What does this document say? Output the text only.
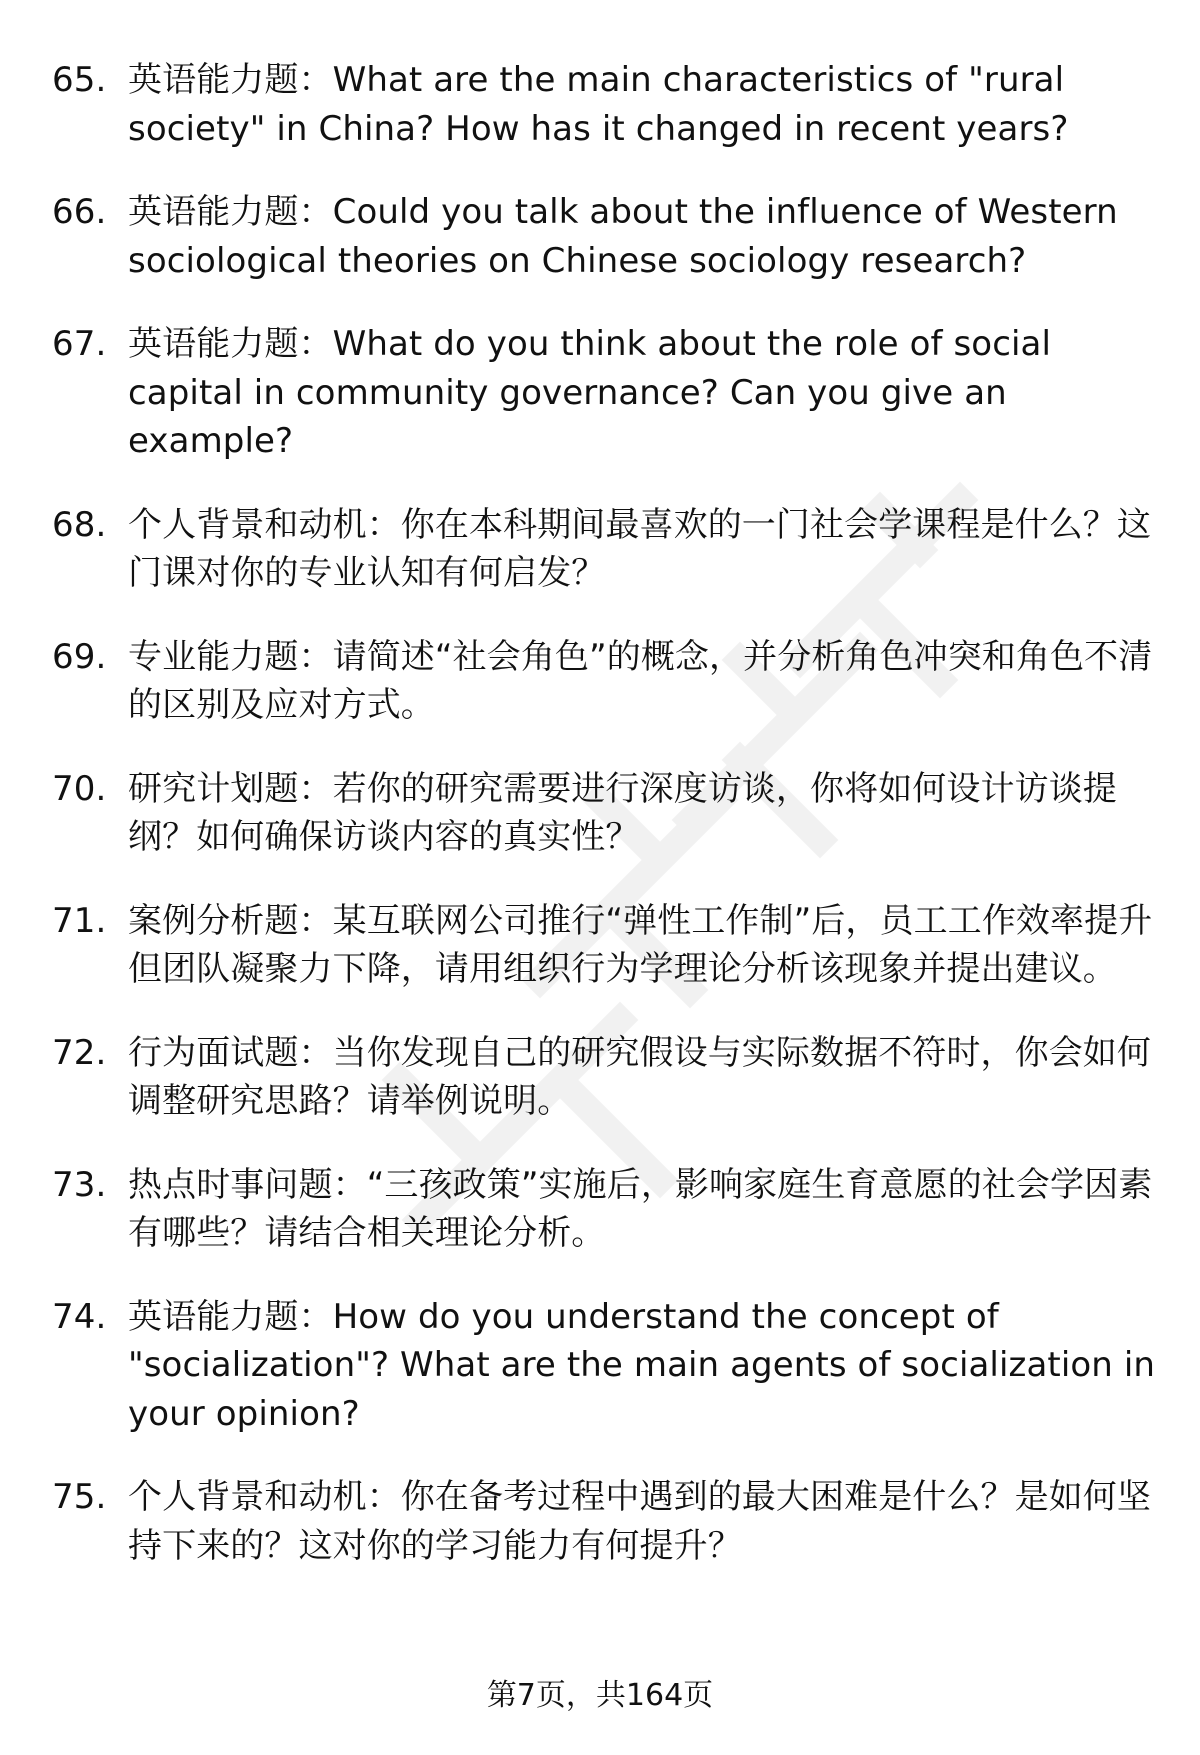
65. 英语能力题：What are the main characteristics of "rural society" in China? How has it changed in recent years?
66. 英语能力题：Could you talk about the influence of Western sociological theories on Chinese sociology research?
67. 英语能力题：What do you think about the role of social capital in community governance? Can you give an example?
68. 个人背景和动机：你在本科期间最喜欢的一门社会学课程是什么？这门课对你的专业认知有何启发？
69. 专业能力题：请简述“社会角色”的概念，并分析角色冲突和角色不清的区别及应对方式。
70. 研究计划题：若你的研究需要进行深度访谈，你将如何设计访谈提纲？如何确保访谈内容的真实性？
71. 案例分析题：某互联网公司推行“弹性工作制”后，员工工作效率提升但团队凝聚力下降，请用组织行为学理论分析该现象并提出建议。
72. 行为面试题：当你发现自己的研究假设与实际数据不符时，你会如何调整研究思路？请举例说明。
73. 热点时事问题：“三孩政策”实施后，影响家庭生育意愿的社会学因素有哪些？请结合相关理论分析。
74. 英语能力题：How do you understand the concept of "socialization"? What are the main agents of socialization in your opinion?
75. 个人背景和动机：你在备考过程中遇到的最大困难是什么？是如何坚持下来的？这对你的学习能力有何提升？
第7页，共164页
